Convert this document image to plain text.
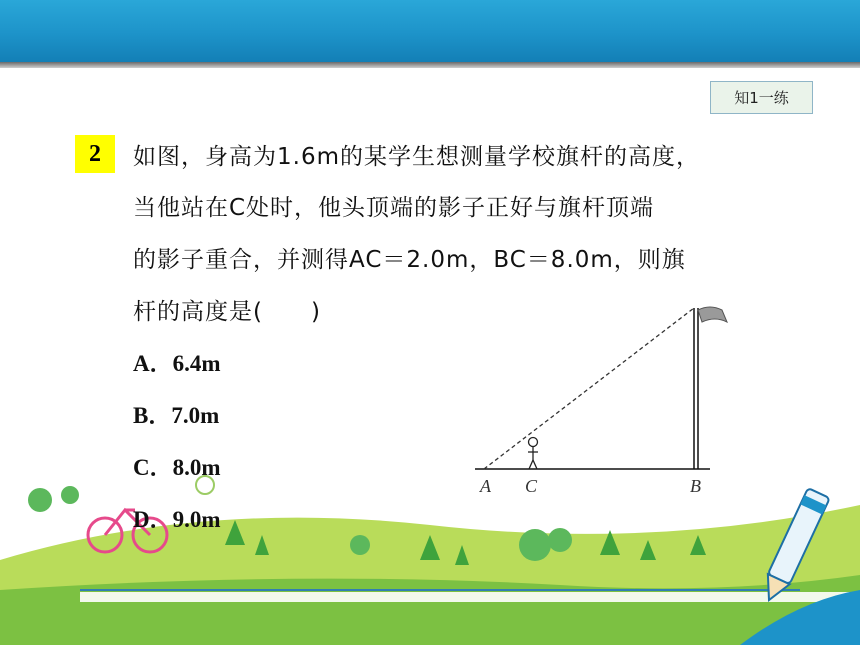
知1一练
2	如图，身高为1.6m的某学生想测量学校旗杆的高度，
当他站在C处时，他头顶端的影子正好与旗杆顶端
的影子重合，并测得AC＝2.0m，BC＝8.0m，则旗
杆的高度是(　　)
A．6.4m
B．7.0m
C．8.0m
D．9.0m
A C	B
